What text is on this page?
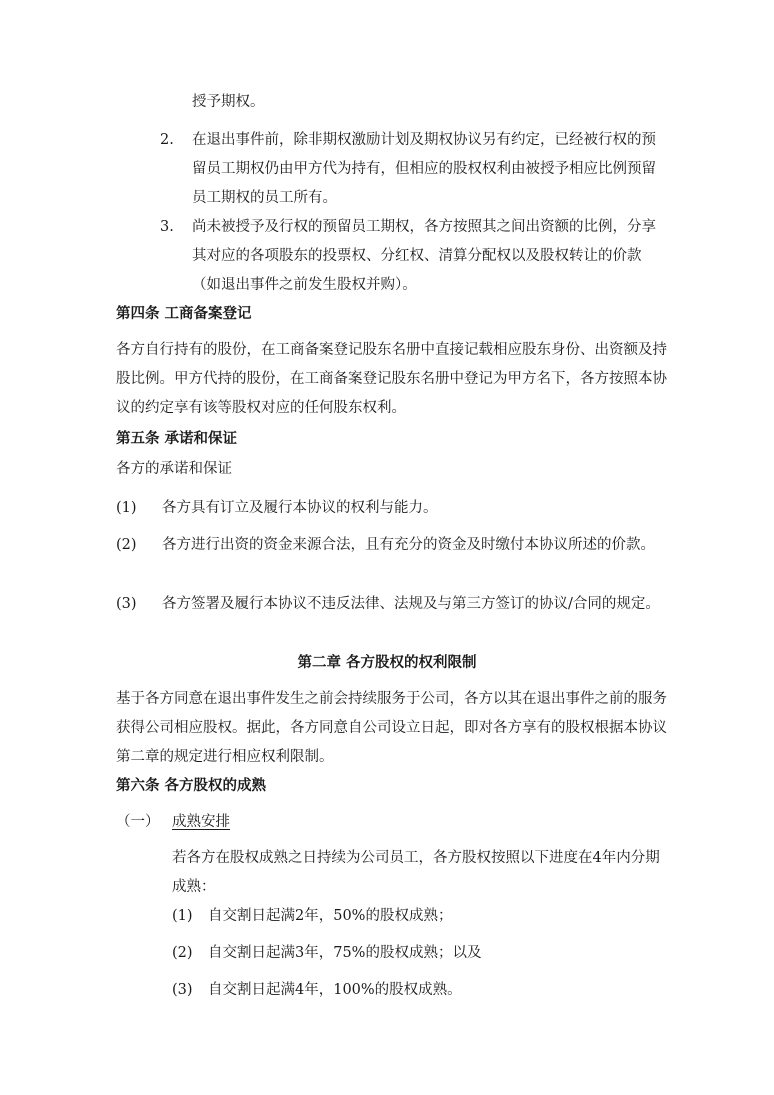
授予期权。
2. 在退出事件前，除非期权激励计划及期权协议另有约定，已经被行权的预留员工期权仍由甲方代为持有，但相应的股权权利由被授予相应比例预留员工期权的员工所有。
3. 尚未被授予及行权的预留员工期权，各方按照其之间出资额的比例，分享其对应的各项股东的投票权、分红权、清算分配权以及股权转让的价款（如退出事件之前发生股权并购）。
第四条 工商备案登记
各方自行持有的股份，在工商备案登记股东名册中直接记载相应股东身份、出资额及持股比例。甲方代持的股份，在工商备案登记股东名册中登记为甲方名下，各方按照本协议的约定享有该等股权对应的任何股东权利。
第五条 承诺和保证
各方的承诺和保证
(1) 各方具有订立及履行本协议的权利与能力。
(2) 各方进行出资的资金来源合法，且有充分的资金及时缴付本协议所述的价款。
(3) 各方签署及履行本协议不违反法律、法规及与第三方签订的协议/合同的规定。
第二章 各方股权的权利限制
基于各方同意在退出事件发生之前会持续服务于公司，各方以其在退出事件之前的服务获得公司相应股权。据此，各方同意自公司设立日起，即对各方享有的股权根据本协议第二章的规定进行相应权利限制。
第六条 各方股权的成熟
（一） 成熟安排
若各方在股权成熟之日持续为公司员工，各方股权按照以下进度在4年内分期成熟：
(1) 自交割日起满2年，50%的股权成熟；
(2) 自交割日起满3年，75%的股权成熟；以及
(3) 自交割日起满4年，100%的股权成熟。
